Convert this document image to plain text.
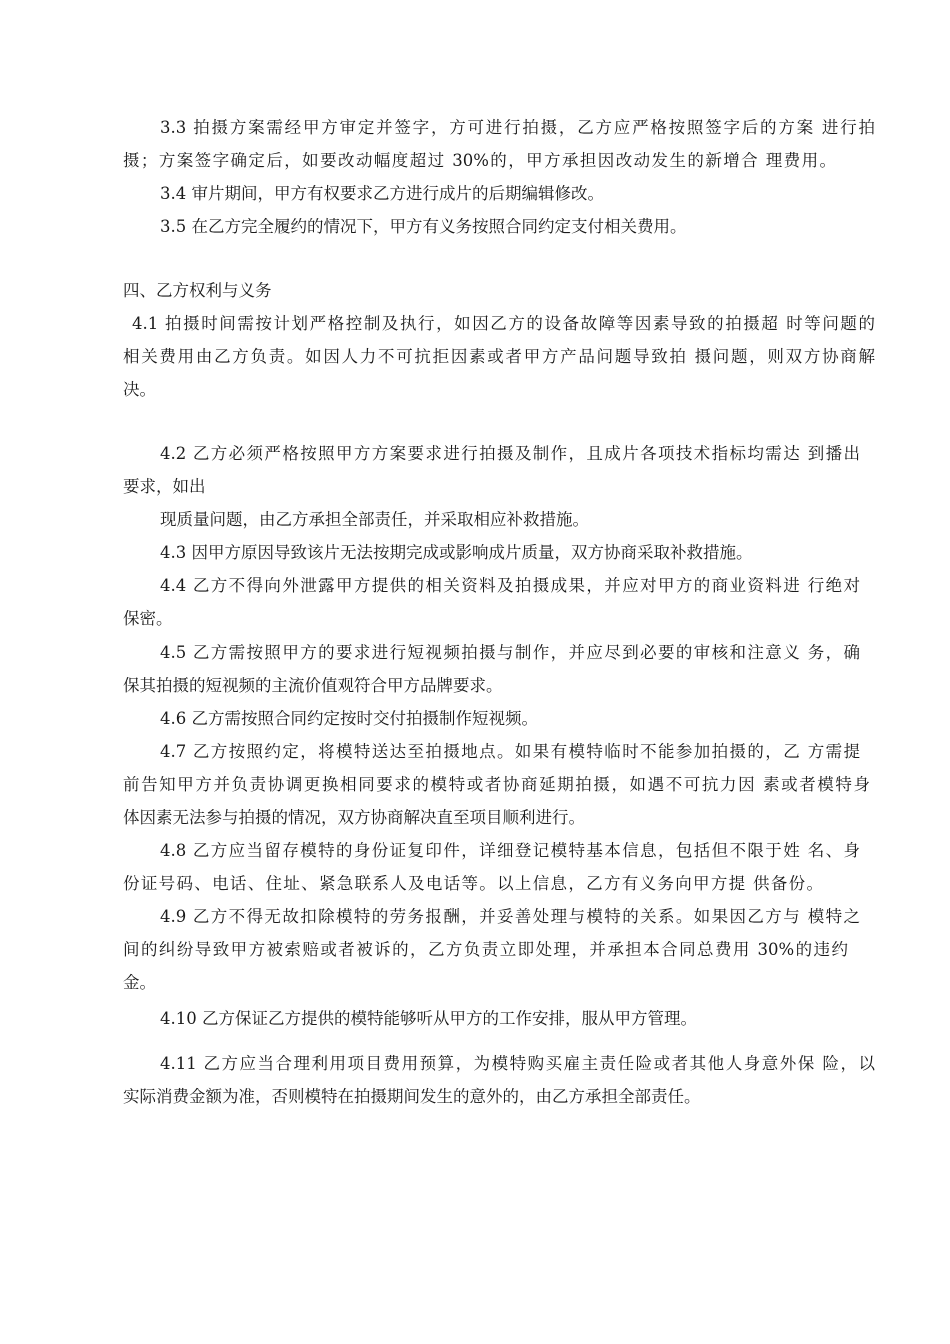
3.3 拍摄方案需经甲方审定并签字，方可进行拍摄，乙方应严格按照签字后的方案 进行拍
摄；方案签字确定后，如要改动幅度超过 30%的，甲方承担因改动发生的新增合 理费用。
3.4 审片期间，甲方有权要求乙方进行成片的后期编辑修改。
3.5 在乙方完全履约的情况下，甲方有义务按照合同约定支付相关费用。
四、乙方权利与义务
4.1 拍摄时间需按计划严格控制及执行，如因乙方的设备故障等因素导致的拍摄超 时等问题的
相关费用由乙方负责。如因人力不可抗拒因素或者甲方产品问题导致拍 摄问题，则双方协商解
决。
4.2 乙方必须严格按照甲方方案要求进行拍摄及制作，且成片各项技术指标均需达 到播出
要求，如出
现质量问题，由乙方承担全部责任，并采取相应补救措施。
4.3 因甲方原因导致该片无法按期完成或影响成片质量，双方协商采取补救措施。
4.4 乙方不得向外泄露甲方提供的相关资料及拍摄成果，并应对甲方的商业资料进 行绝对
保密。
4.5 乙方需按照甲方的要求进行短视频拍摄与制作，并应尽到必要的审核和注意义 务，确
保其拍摄的短视频的主流价值观符合甲方品牌要求。
4.6 乙方需按照合同约定按时交付拍摄制作短视频。
4.7 乙方按照约定，将模特送达至拍摄地点。如果有模特临时不能参加拍摄的，乙 方需提
前告知甲方并负责协调更换相同要求的模特或者协商延期拍摄，如遇不可抗力因 素或者模特身
体因素无法参与拍摄的情况，双方协商解决直至项目顺利进行。
4.8 乙方应当留存模特的身份证复印件，详细登记模特基本信息，包括但不限于姓 名、身
份证号码、电话、住址、紧急联系人及电话等。以上信息，乙方有义务向甲方提 供备份。
4.9 乙方不得无故扣除模特的劳务报酬，并妥善处理与模特的关系。如果因乙方与 模特之
间的纠纷导致甲方被索赔或者被诉的，乙方负责立即处理，并承担本合同总费用 30%的违约
金。
4.10 乙方保证乙方提供的模特能够听从甲方的工作安排，服从甲方管理。
4.11 乙方应当合理利用项目费用预算，为模特购买雇主责任险或者其他人身意外保 险，以
实际消费金额为准，否则模特在拍摄期间发生的意外的，由乙方承担全部责任。
